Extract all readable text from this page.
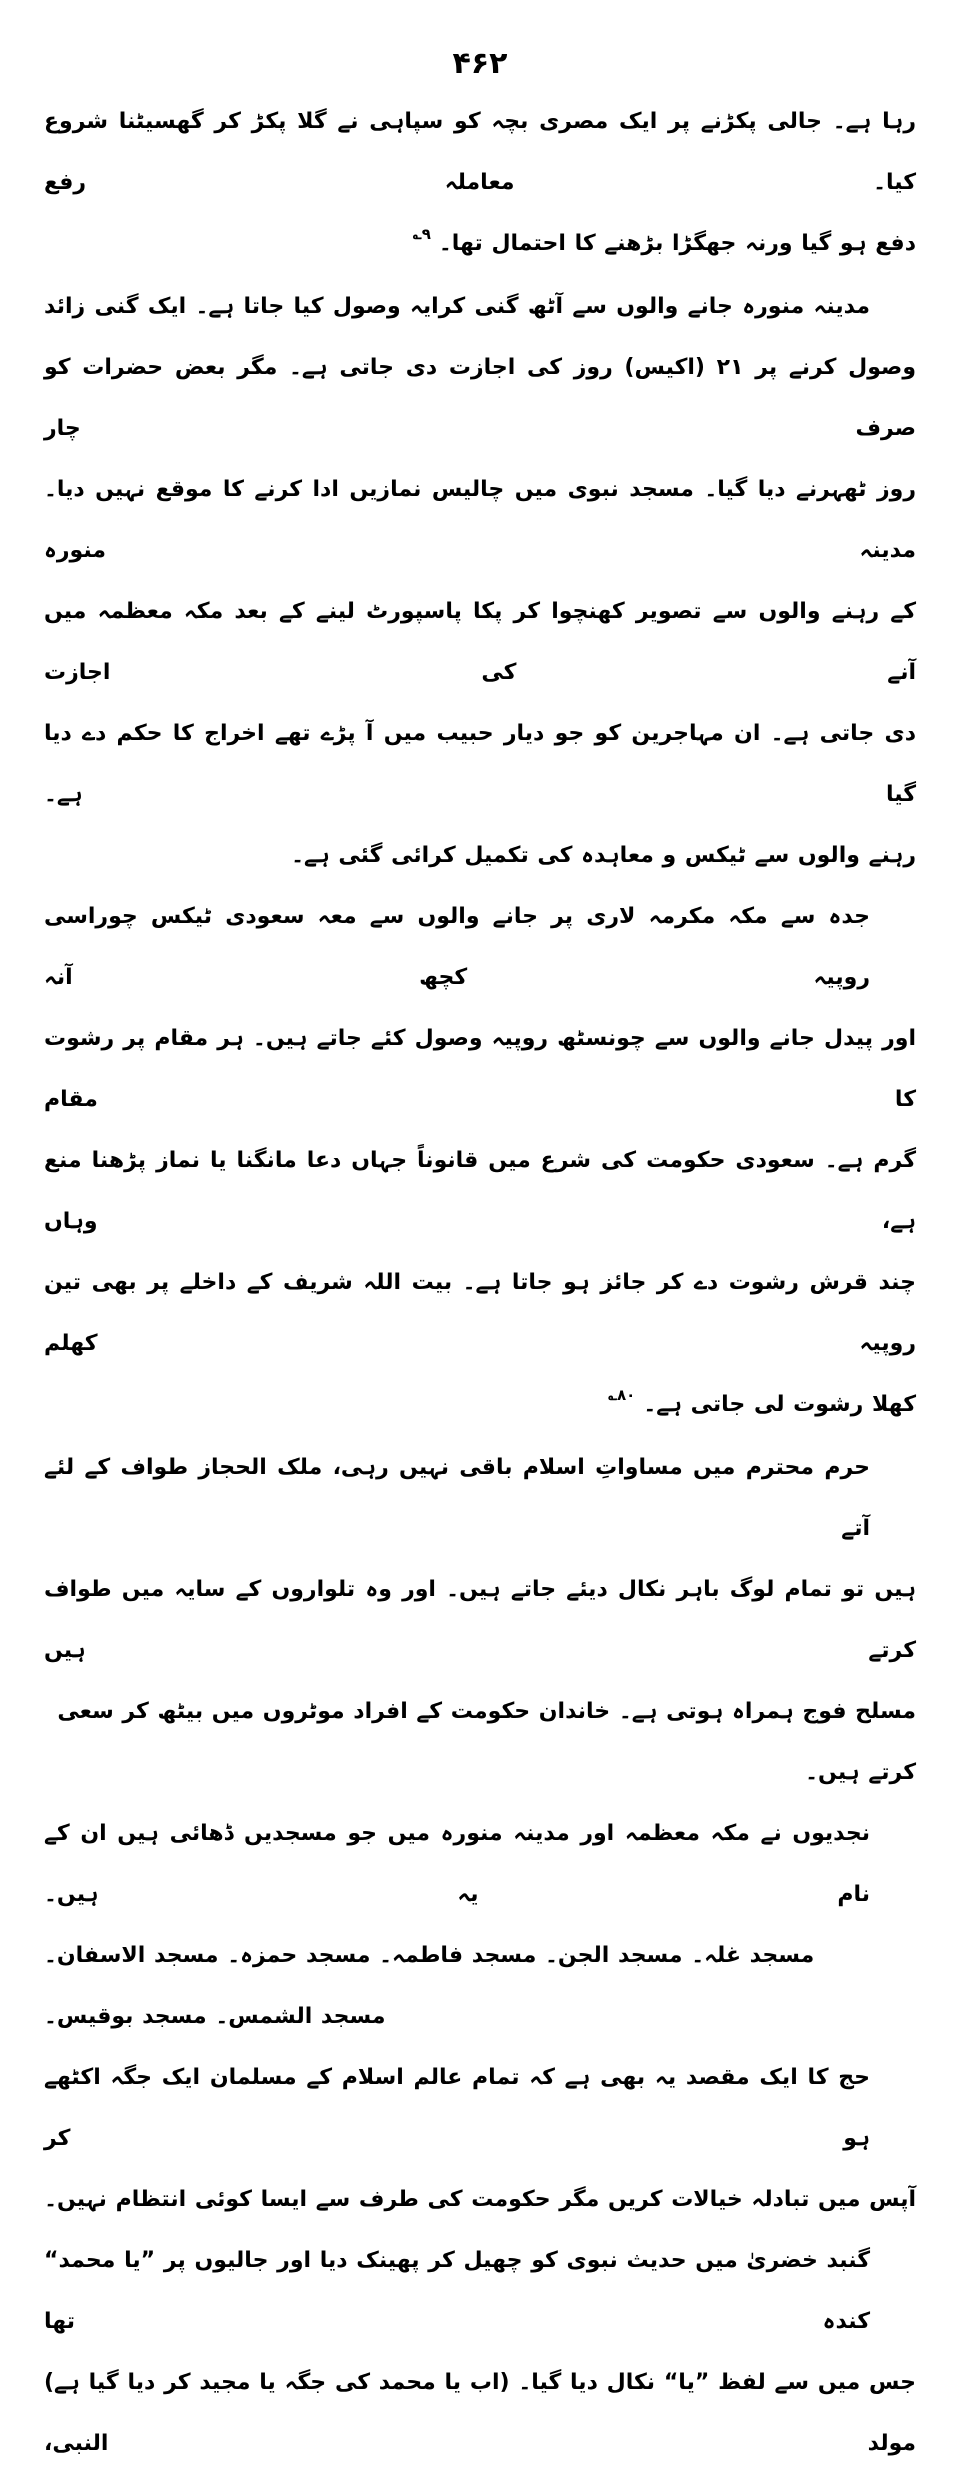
۴۶۲
رہا ہے۔ جالی پکڑنے پر ایک مصری بچہ کو سپاہی نے گلا پکڑ کر گھسیٹنا شروع کیا۔ معاملہ رفع
دفع ہو گیا ورنہ جھگڑا بڑھنے کا احتمال تھا۔۹؎
مدینہ منورہ جانے والوں سے آٹھ گنی کرایہ وصول کیا جاتا ہے۔ ایک گنی زائد
وصول کرنے پر ۲۱ (اکیس) روز کی اجازت دی جاتی ہے۔ مگر بعض حضرات کو صرف چار
روز ٹھہرنے دیا گیا۔ مسجد نبوی میں چالیس نمازیں ادا کرنے کا موقع نہیں دیا۔ مدینہ منورہ
کے رہنے والوں سے تصویر کھنچوا کر پکا پاسپورٹ لینے کے بعد مکہ معظمہ میں آنے کی اجازت
دی جاتی ہے۔ ان مہاجرین کو جو دیار حبیب میں آ پڑے تھے اخراج کا حکم دے دیا گیا ہے۔
رہنے والوں سے ٹیکس و معاہدہ کی تکمیل کرائی گئی ہے۔
جدہ سے مکہ مکرمہ لاری پر جانے والوں سے معہ سعودی ٹیکس چوراسی روپیہ کچھ آنہ
اور پیدل جانے والوں سے چونسٹھ روپیہ وصول کئے جاتے ہیں۔ ہر مقام پر رشوت کا مقام
گرم ہے۔ سعودی حکومت کی شرع میں قانوناً جہاں دعا مانگنا یا نماز پڑھنا منع ہے، وہاں
چند قرش رشوت دے کر جائز ہو جاتا ہے۔ بیت اللہ شریف کے داخلے پر بھی تین روپیہ کھلم
کھلا رشوت لی جاتی ہے۔۸۰؎
حرم محترم میں مساواتِ اسلام باقی نہیں رہی، ملک الحجاز طواف کے لئے آتے
ہیں تو تمام لوگ باہر نکال دیئے جاتے ہیں۔ اور وہ تلواروں کے سایہ میں طواف کرتے ہیں
مسلح فوج ہمراہ ہوتی ہے۔ خاندان حکومت کے افراد موٹروں میں بیٹھ کر سعی کرتے ہیں۔
نجدیوں نے مکہ معظمہ اور مدینہ منورہ میں جو مسجدیں ڈھائی ہیں ان کے نام یہ ہیں۔
مسجد غلہ۔ مسجد الجن۔ مسجد فاطمہ۔ مسجد حمزہ۔ مسجد الاسفان۔
مسجد الشمس۔ مسجد بوقیس۔
حج کا ایک مقصد یہ بھی ہے کہ تمام عالم اسلام کے مسلمان ایک جگہ اکٹھے ہو کر
آپس میں تبادلہ خیالات کریں مگر حکومت کی طرف سے ایسا کوئی انتظام نہیں۔
گنبد خضریٰ میں حدیث نبوی کو چھیل کر پھینک دیا اور جالیوں پر ”یا محمد“ کندہ تھا
جس میں سے لفظ ”یا“ نکال دیا گیا۔ (اب یا محمد کی جگہ یا مجید کر دیا گیا ہے) مولد النبی،
